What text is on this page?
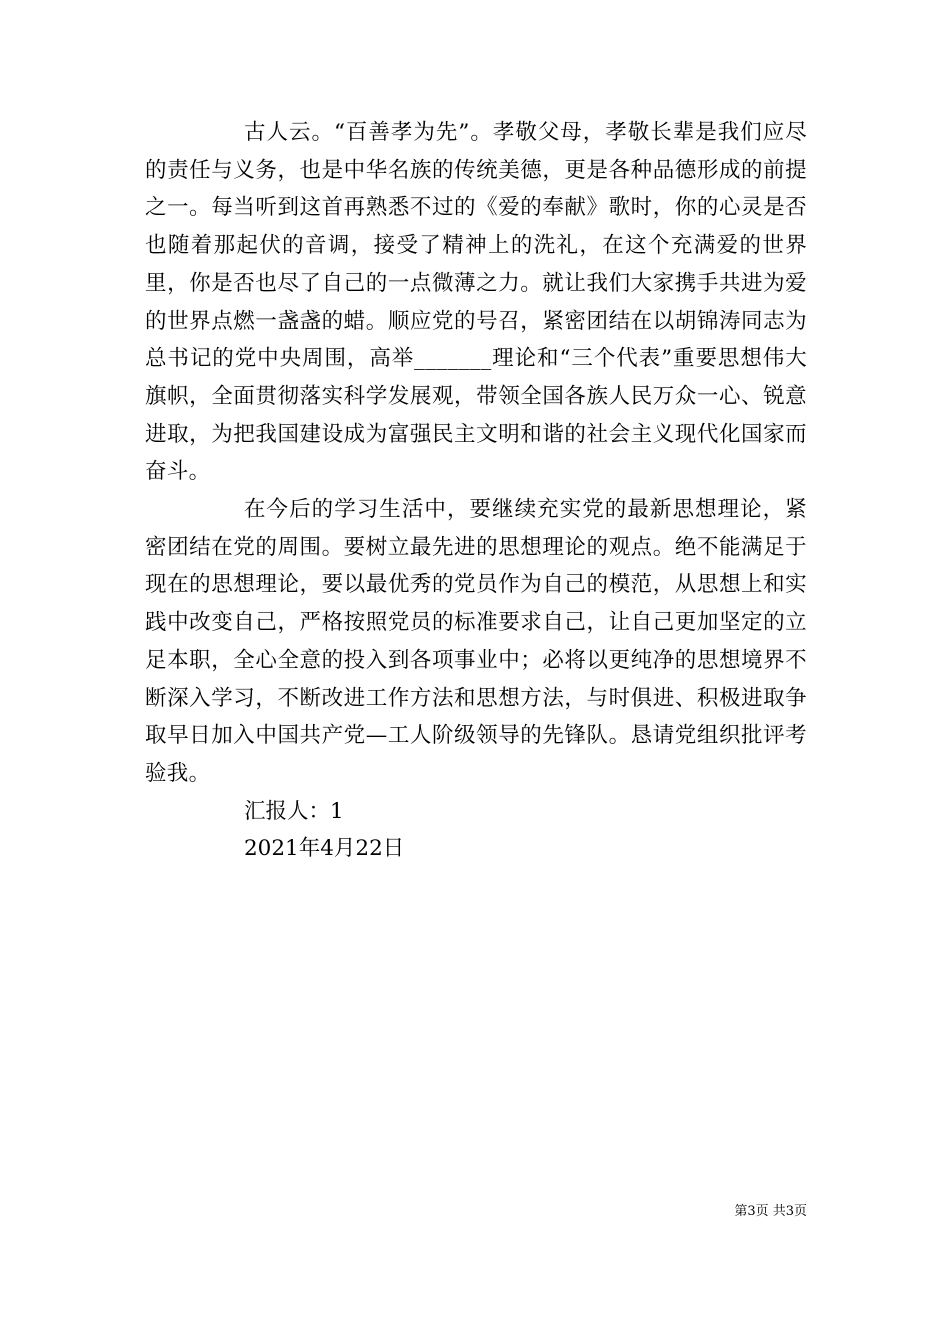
古人云。“百善孝为先”。孝敬父母，孝敬长辈是我们应尽的责任与义务，也是中华名族的传统美德，更是各种品德形成的前提之一。每当听到这首再熟悉不过的《爱的奉献》歌时，你的心灵是否也随着那起伏的音调，接受了精神上的洗礼，在这个充满爱的世界里，你是否也尽了自己的一点微薄之力。就让我们大家携手共进为爱的世界点燃一盏盏的蜡。顺应党的号召，紧密团结在以胡锦涛同志为总书记的党中央周围，高举_______理论和“三个代表”重要思想伟大旗帜，全面贯彻落实科学发展观，带领全国各族人民万众一心、锐意进取，为把我国建设成为富强民主文明和谐的社会主义现代化国家而奋斗。

在今后的学习生活中，要继续充实党的最新思想理论，紧密团结在党的周围。要树立最先进的思想理论的观点。绝不能满足于现在的思想理论，要以最优秀的党员作为自己的模范，从思想上和实践中改变自己，严格按照党员的标准要求自己，让自己更加坚定的立足本职，全心全意的投入到各项事业中；必将以更纯净的思想境界不断深入学习，不断改进工作方法和思想方法，与时俱进、积极进取争取早日加入中国共产党—工人阶级领导的先锋队。恳请党组织批评考验我。

汇报人：1

2021年4月22日

第3页 共3页
